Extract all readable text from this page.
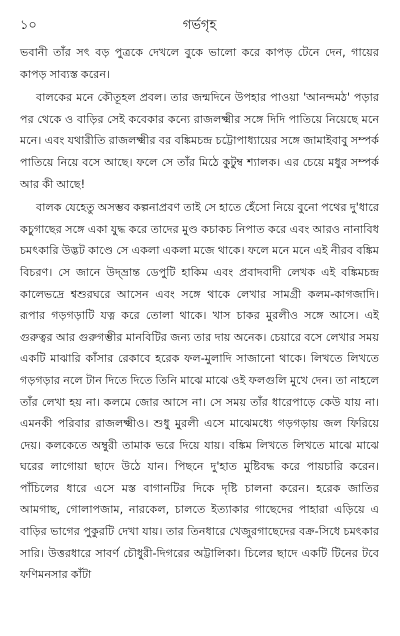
১০	গর্ভগৃহ

ভবানী তাঁর সৎ বড় পুত্রকে দেখলে বুকে ভালো করে কাপড় টেনে দেন, গায়ের কাপড় সাব্যস্ত করেন।

বালকের মনে কৌতূহল প্রবল। তার জন্মদিনে উপহার পাওয়া 'আনন্দমঠ' পড়ার পর থেকে ও বাড়ির সেই কবেকার কন্যে রাজলক্ষ্মীর সঙ্গে দিদি পাতিয়ে নিয়েছে মনে মনে। এবং যথারীতি রাজলক্ষ্মীর বর বঙ্কিমচন্দ্র চট্টোপাধ্যায়ের সঙ্গে জামাইবাবু সম্পর্ক পাতিয়ে নিয়ে বসে আছে। ফলে সে তাঁর মিঠে কুটুম্ব শ্যালক। এর চেয়ে মধুর সম্পর্ক আর কী আছে!

বালক যেহেতু অসম্ভব কল্পনাপ্রবণ তাই সে হাতে হেঁসো নিয়ে বুনো পথের দু'ধারে কচুগাছের সঙ্গে একা যুদ্ধ করে তাদের মুণ্ড কচাকচ নিপাত করে এবং আরও নানাবিধ চমৎকারি উদ্ভট কাণ্ডে সে একলা একলা মজে থাকে। ফলে মনে মনে এই নীরব বঙ্কিম বিচরণ। সে জানে উদ্‌ভ্রান্ত ডেপুটি হাকিম এবং প্রবাদবাদী লেখক এই বঙ্কিমচন্দ্র কালেভদ্রে শ্বশুরঘরে আসেন এবং সঙ্গে থাকে লেখার সামগ্রী কলম-কাগজাদি। রূপার গড়গড়াটি যত্ন করে তোলা থাকে। খাস চাকর মুরলীও সঙ্গে আসে। এই গুরুত্বর আর গুরুগম্ভীর মানবিটির জন্য তার দায় অনেক। চেয়ারে বসে লেখার সময় একটি মাঝারি কাঁসার রেকাবে হরেক ফল-মুলাদি সাজানো থাকে। লিখতে লিখতে গড়গড়ার নলে টান দিতে দিতে তিনি মাঝে মাঝে ওই ফলগুলি মুখে দেন। তা নাহলে তাঁর লেখা হয় না। কলমে জোর আসে না। সে সময় তাঁর ধারেপাড়ে কেউ যায় না। এমনকী পরিবার রাজলক্ষ্মীও। শুধু মুরলী এসে মাঝেমধ্যে গড়গড়ায় জল ফিরিয়ে দেয়। কলকেতে অম্বুরী তামাক ভরে দিয়ে যায়। বঙ্কিম লিখতে লিখতে মাঝে মাঝে ঘরের লাগোয়া ছাদে উঠে যান। পিছনে দু'হাত মুষ্টিবদ্ধ করে পায়চারি করেন। পাঁচিলের ধারে এসে মস্ত বাগানটির দিকে দৃষ্টি চালনা করেন। হরেক জাতির আমগাছ, গোলাপজাম, নারকেল, চালতে ইত্যাকার গাছেদের পাহারা এড়িয়ে এ বাড়ির ভাগের পুকুরটি দেখা যায়। তার তিনধারে খেজুরগাছেদের বক্র-সিধে চমৎকার সারি। উত্তরধারে সাবর্ণ চৌধুরী-দিগরের অট্টালিকা। চিলের ছাদে একটি টিনের টবে ফণিমনসার কাঁটা
